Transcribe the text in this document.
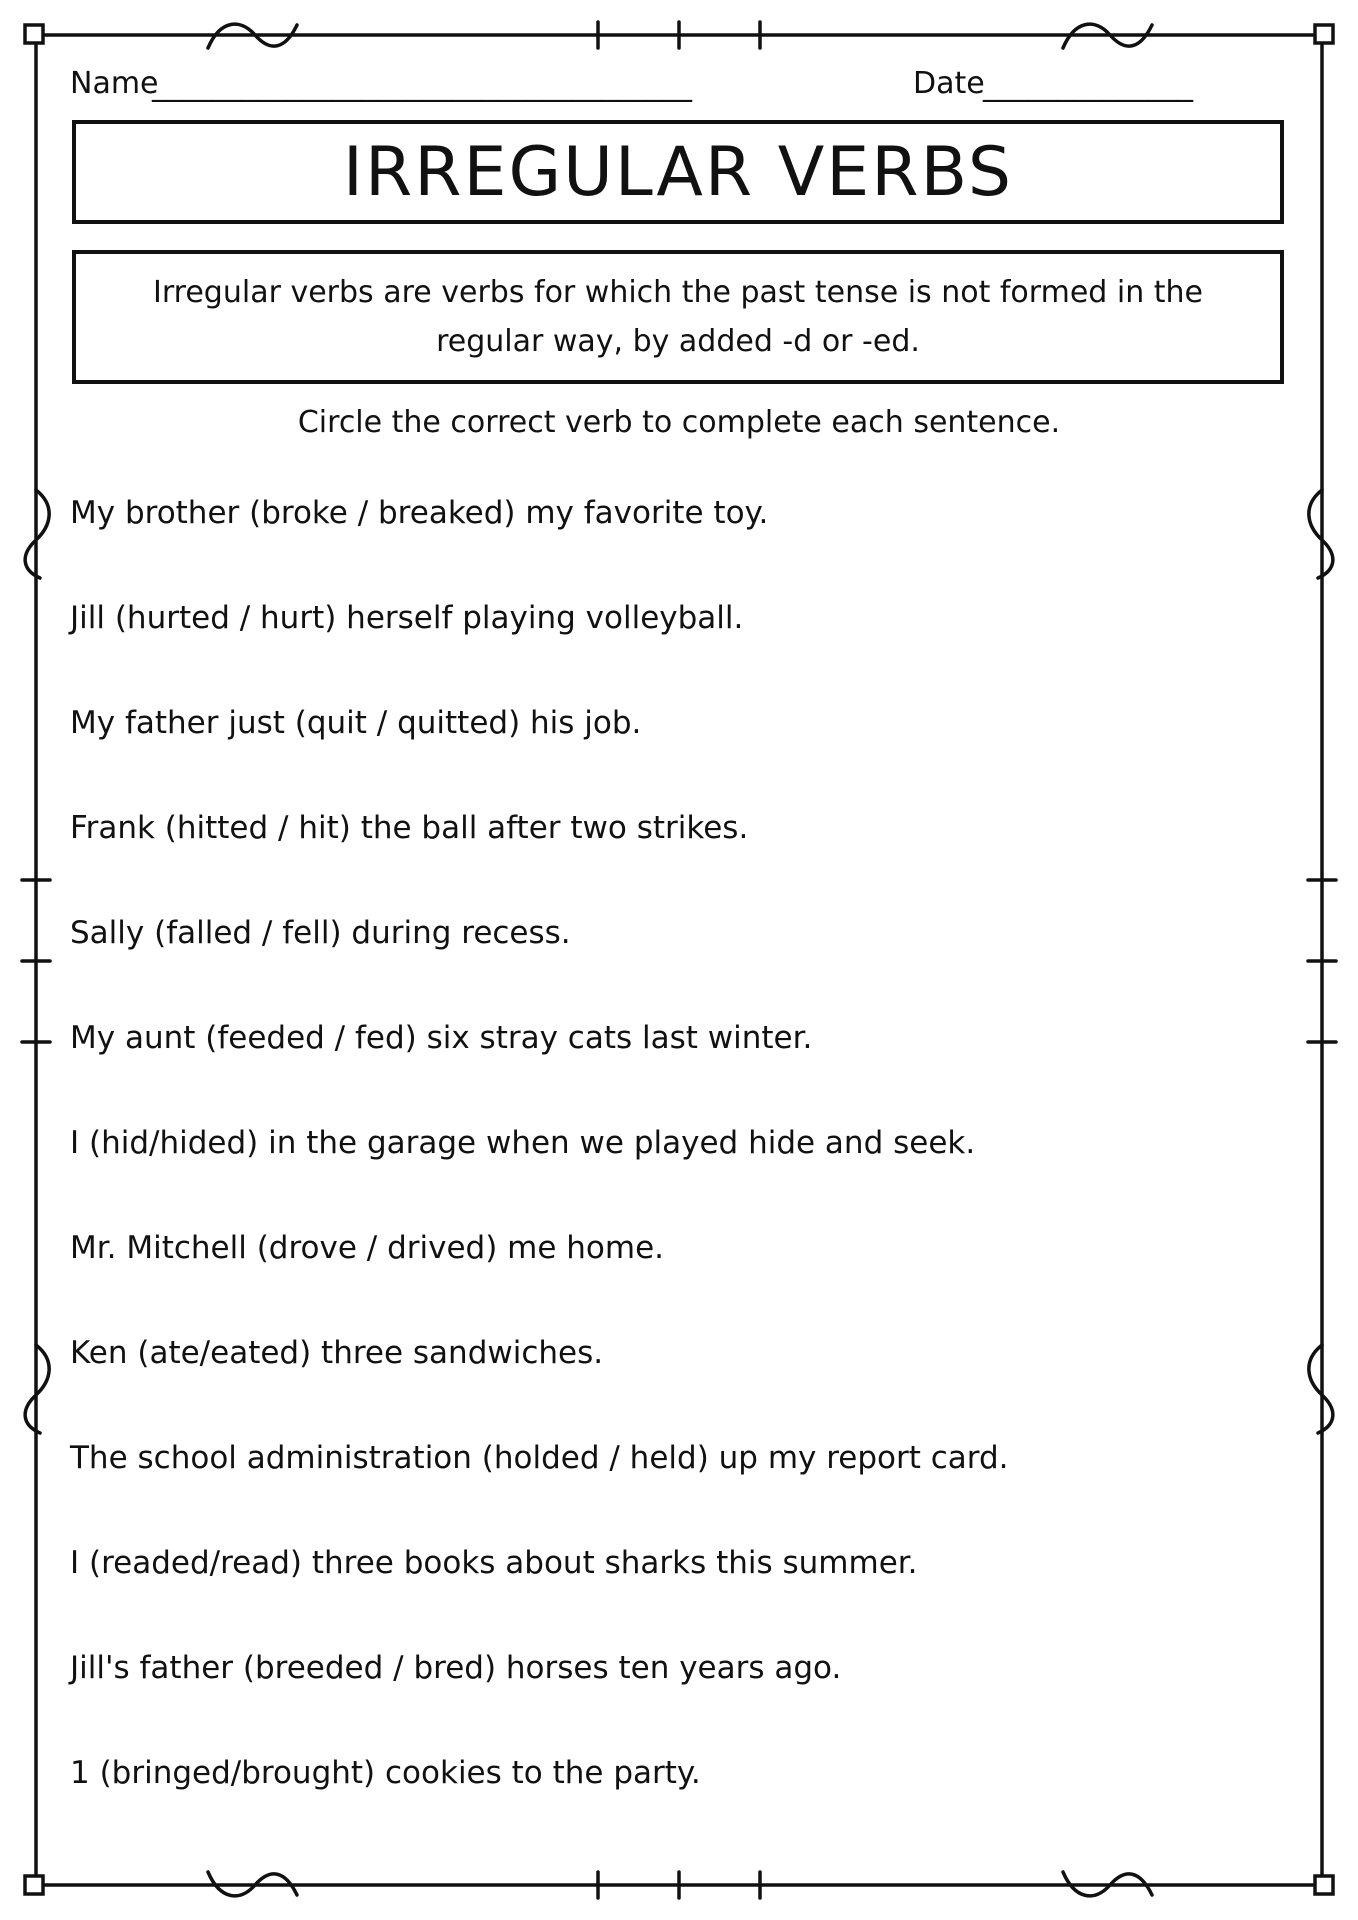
Name
____________________________________	Date
______________
IRREGULAR VERBS
Irregular verbs are verbs for which the past tense is not formed in the regular way, by added -d or -ed.
Circle the correct verb to complete each sentence.
My brother (broke / breaked) my favorite toy.
Jill (hurted / hurt) herself playing volleyball.
My father just (quit / quitted) his job.
Frank (hitted / hit) the ball after two strikes.
Sally (falled / fell) during recess.
My aunt (feeded / fed) six stray cats last winter.
I (hid/hided) in the garage when we played hide and seek.
Mr. Mitchell (drove / drived) me home.
Ken (ate/eated) three sandwiches.
The school administration (holded / held) up my report card.
I (readed/read) three books about sharks this summer.
Jill's father (breeded / bred) horses ten years ago.
1 (bringed/brought) cookies to the party.
